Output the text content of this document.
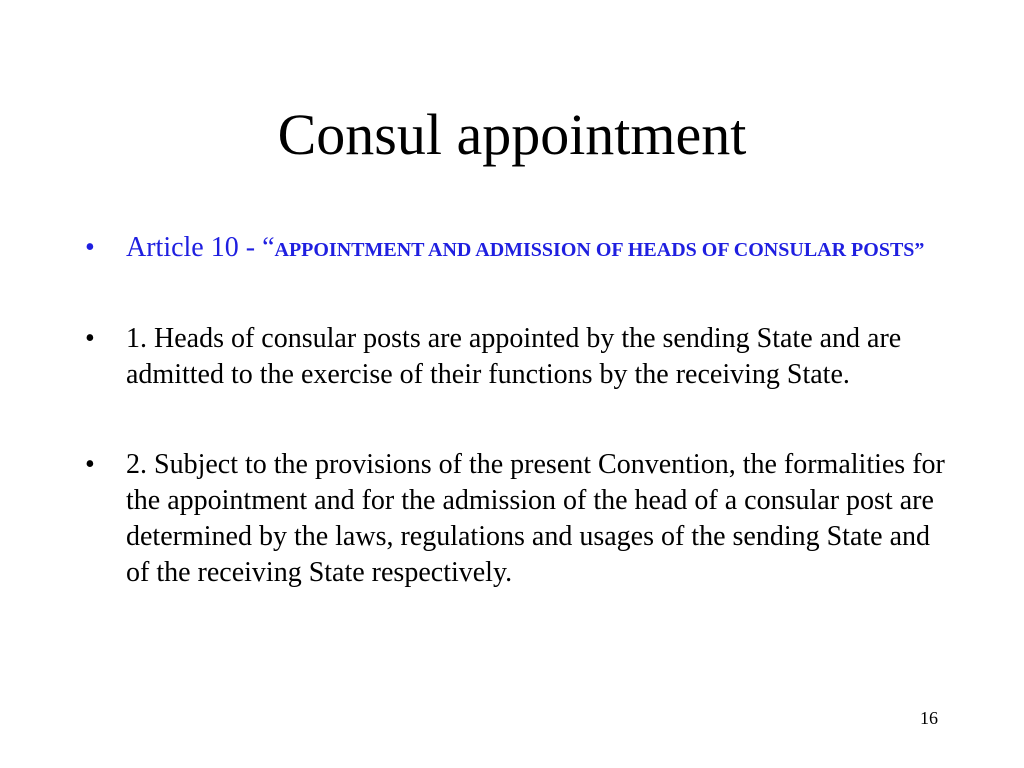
Consul appointment
• Article 10 - “APPOINTMENT AND ADMISSION OF HEADS OF CONSULAR POSTS”
• 1. Heads of consular posts are appointed by the sending State and are admitted to the exercise of their functions by the receiving State.
• 2. Subject to the provisions of the present Convention, the formalities for the appointment and for the admission of the head of a consular post are determined by the laws, regulations and usages of the sending State and of the receiving State respectively.
16
